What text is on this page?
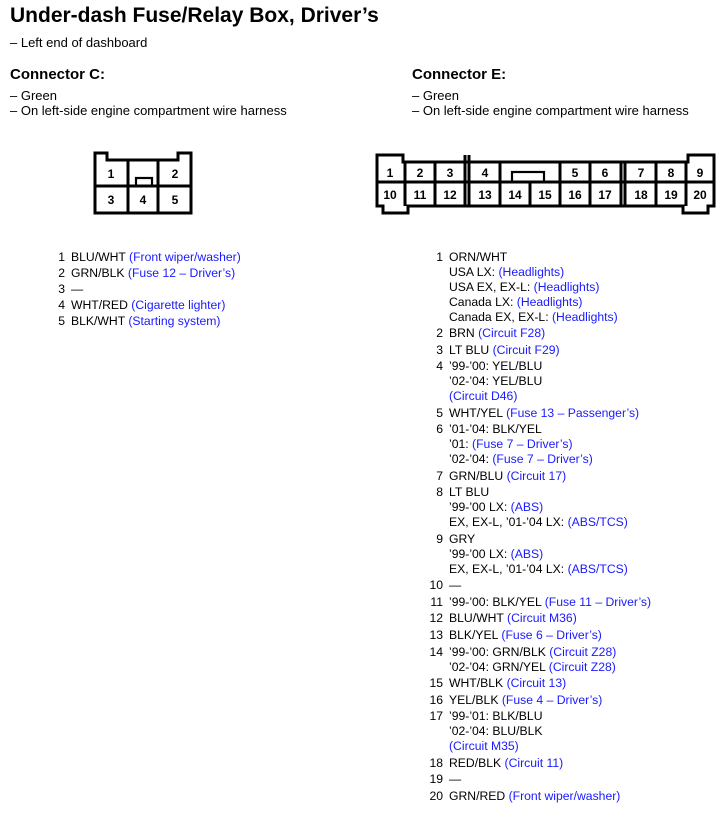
Under-dash Fuse/Relay Box, Driver’s
– Left end of dashboard
Connector C:
– Green
– On left-side engine compartment wire harness
Connector E:
– Green
– On left-side engine compartment wire harness
1	2
3 4 5
1 2 3 4	5 6 7 8 9
10 11 12 13 14 15 16 17 18 19 20
1 BLU/WHT (Front wiper/washer)
2 GRN/BLK (Fuse 12 – Driver’s)
3 —
4 WHT/RED (Cigarette lighter)
5 BLK/WHT (Starting system)
1 ORN/WHT
USA LX: (Headlights)
USA EX, EX-L: (Headlights)
Canada LX: (Headlights)
Canada EX, EX-L: (Headlights)
2 BRN (Circuit F28)
3 LT BLU (Circuit F29)
4 ’99-’00: YEL/BLU
’02-’04: YEL/BLU
(Circuit D46)
5 WHT/YEL (Fuse 13 – Passenger’s)
6 ’01-’04: BLK/YEL
’01: (Fuse 7 – Driver’s)
’02-’04: (Fuse 7 – Driver’s)
7 GRN/BLU (Circuit 17)
8 LT BLU
’99-’00 LX: (ABS)
EX, EX-L, ’01-’04 LX: (ABS/TCS)
9 GRY
’99-’00 LX: (ABS)
EX, EX-L, ’01-’04 LX: (ABS/TCS)
10 —
11 ’99-’00: BLK/YEL (Fuse 11 – Driver’s)
12 BLU/WHT (Circuit M36)
13 BLK/YEL (Fuse 6 – Driver’s)
14 ’99-’00: GRN/BLK (Circuit Z28)
’02-’04: GRN/YEL (Circuit Z28)
15 WHT/BLK (Circuit 13)
16 YEL/BLK (Fuse 4 – Driver’s)
17 ’99-’01: BLK/BLU
’02-’04: BLU/BLK
(Circuit M35)
18 RED/BLK (Circuit 11)
19 —
20 GRN/RED (Front wiper/washer)
